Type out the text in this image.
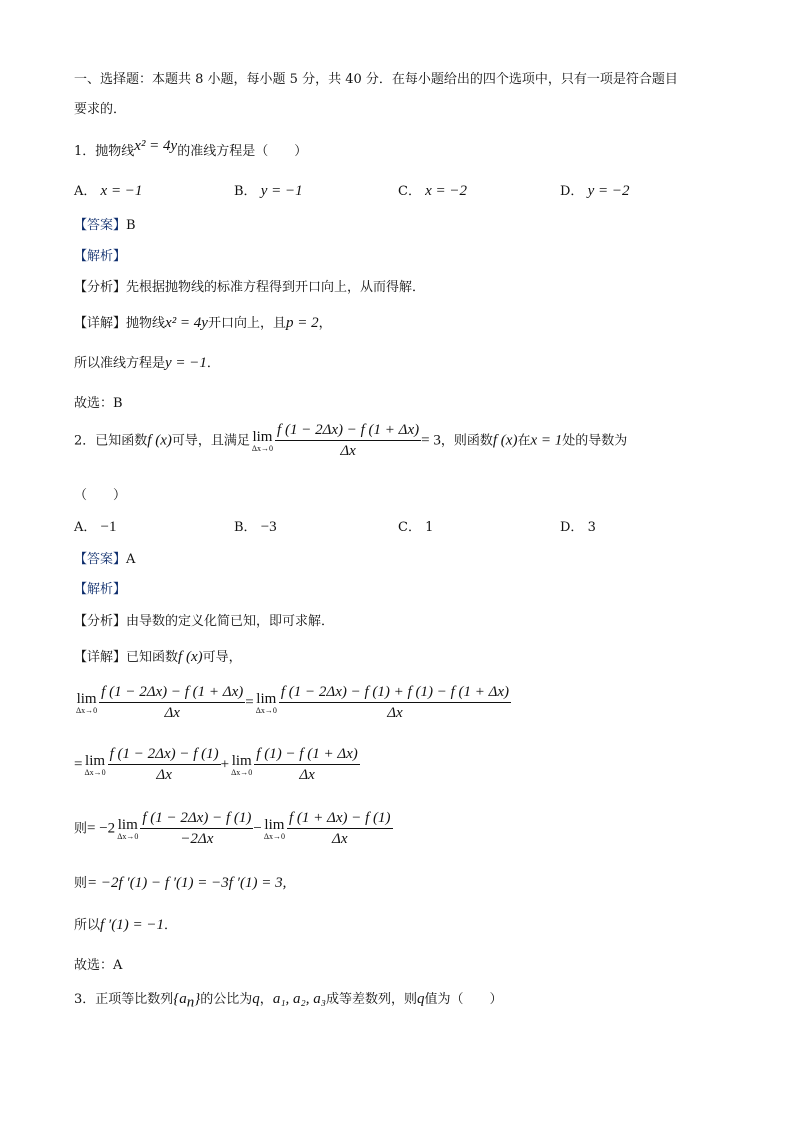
一、选择题：本题共 8 小题，每小题 5 分，共 40 分．在每小题给出的四个选项中，只有一项是符合题目
要求的．
1．抛物线x² = 4y的准线方程是（　　）
A． x = −1	B． y = −1	C． x = −2	D． y = −2
【答案】B
【解析】
【分析】先根据抛物线的标准方程得到开口向上，从而得解．
【详解】抛物线x² = 4y开口向上，且p = 2，
所以准线方程是y = −1．
故选：B
2．已知函数f (x)可导，且满足 lim
$\Delta x\to 0 \frac{f (1 - 2\Delta x) - f (1 + \Delta x)}{\Delta x} = 3$，则函数f (x)在x = 1处的导数为
（　　）
A． −1	B． −3	C． 1	D． 3
【答案】A
【解析】
【分析】由导数的定义化简已知，即可求解．
【详解】已知函数f (x)可导，
lim
$\Delta x\to 0 \frac{f (1 - 2\Delta x) - f (1 + \Delta x)}{\Delta x} = \lim$
$\Delta x\to 0 \frac{f (1 - 2\Delta x) - f (1) + f (1) - f (1 + \Delta x)}{\Delta x}$
= lim
$\Delta x\to 0 \frac{f (1 - 2\Delta x) - f (1)}{\Delta x} + \lim$
$\Delta x\to 0 \frac{f (1) - f (1 + \Delta x)}{\Delta x}$
则= −2 lim
$\Delta x\to 0 \frac{f (1 - 2\Delta x) - f (1)}{-2\Delta x} - \lim$
$\Delta x\to 0 \frac{f (1 + \Delta x) - f (1)}{\Delta x}$
则= −2f ′(1) − f ′(1) = −3f ′(1) = 3,
所以f ′(1) = −1．
故选：A
3．正项等比数列$\{a_n\}$的公比为q，a₁, a₂, a₃成等差数列，则q值为（　　）
